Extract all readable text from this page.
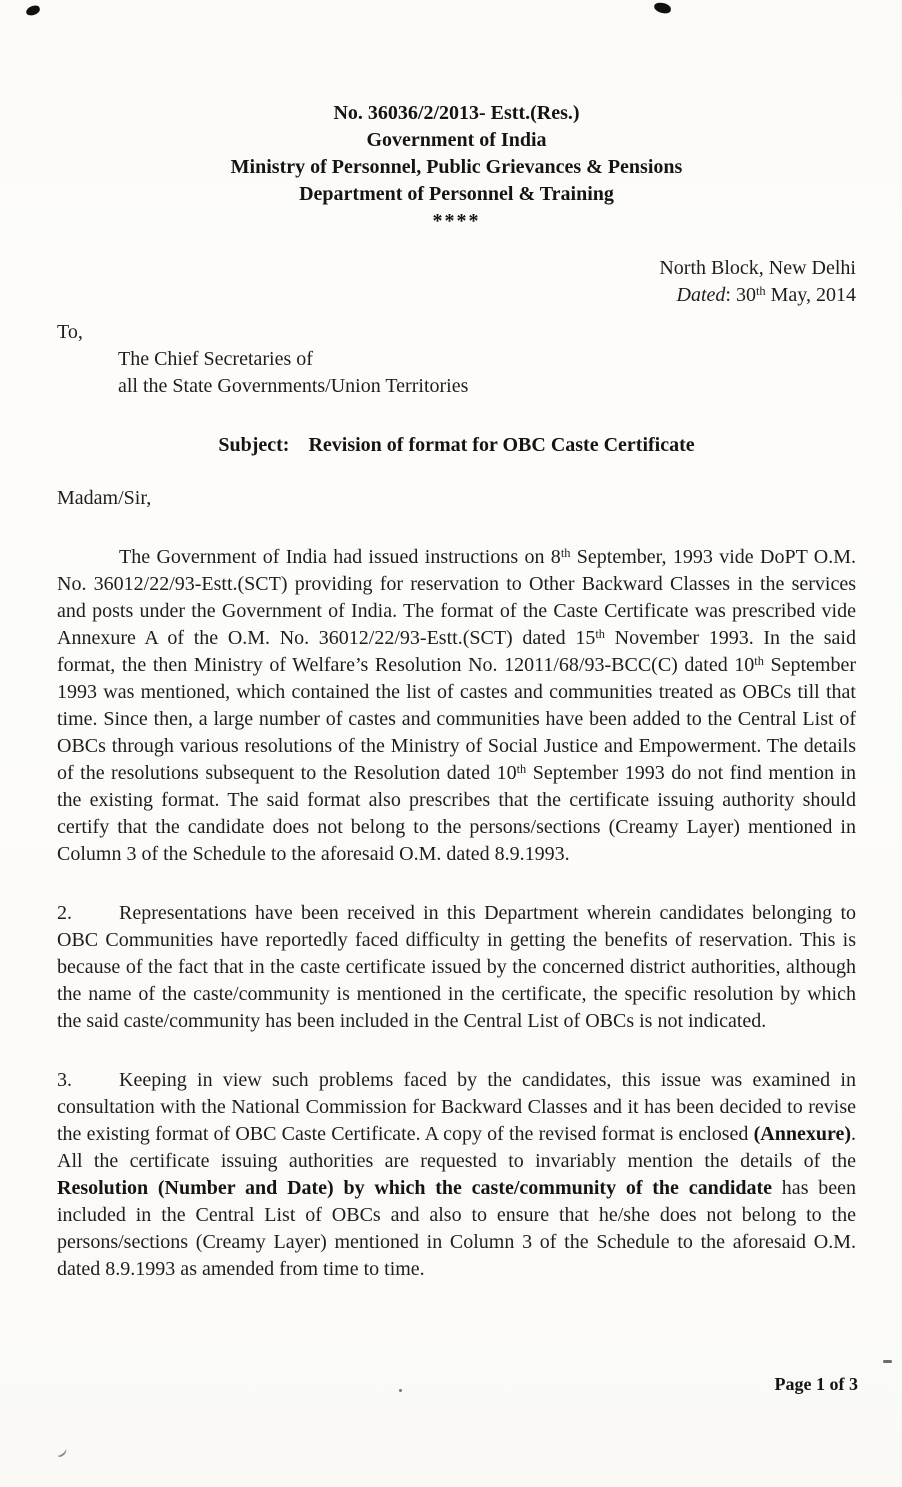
No. 36036/2/2013- Estt.(Res.)
Government of India
Ministry of Personnel, Public Grievances & Pensions
Department of Personnel & Training
****
North Block, New Delhi
Dated: 30th May, 2014
To,
The Chief Secretaries of
all the State Governments/Union Territories
Subject: Revision of format for OBC Caste Certificate
Madam/Sir,

The Government of India had issued instructions on 8th September, 1993 vide DoPT O.M. No. 36012/22/93-Estt.(SCT) providing for reservation to Other Backward Classes in the services and posts under the Government of India. The format of the Caste Certificate was prescribed vide Annexure A of the O.M. No. 36012/22/93-Estt.(SCT) dated 15th November 1993. In the said format, the then Ministry of Welfare’s Resolution No. 12011/68/93-BCC(C) dated 10th September 1993 was mentioned, which contained the list of castes and communities treated as OBCs till that time. Since then, a large number of castes and communities have been added to the Central List of OBCs through various resolutions of the Ministry of Social Justice and Empowerment. The details of the resolutions subsequent to the Resolution dated 10th September 1993 do not find mention in the existing format. The said format also prescribes that the certificate issuing authority should certify that the candidate does not belong to the persons/sections (Creamy Layer) mentioned in Column 3 of the Schedule to the aforesaid O.M. dated 8.9.1993.

2. Representations have been received in this Department wherein candidates belonging to OBC Communities have reportedly faced difficulty in getting the benefits of reservation. This is because of the fact that in the caste certificate issued by the concerned district authorities, although the name of the caste/community is mentioned in the certificate, the specific resolution by which the said caste/community has been included in the Central List of OBCs is not indicated.

3. Keeping in view such problems faced by the candidates, this issue was examined in consultation with the National Commission for Backward Classes and it has been decided to revise the existing format of OBC Caste Certificate. A copy of the revised format is enclosed (Annexure). All the certificate issuing authorities are requested to invariably mention the details of the Resolution (Number and Date) by which the caste/community of the candidate has been included in the Central List of OBCs and also to ensure that he/she does not belong to the persons/sections (Creamy Layer) mentioned in Column 3 of the Schedule to the aforesaid O.M. dated 8.9.1993 as amended from time to time.

Page 1 of 3
